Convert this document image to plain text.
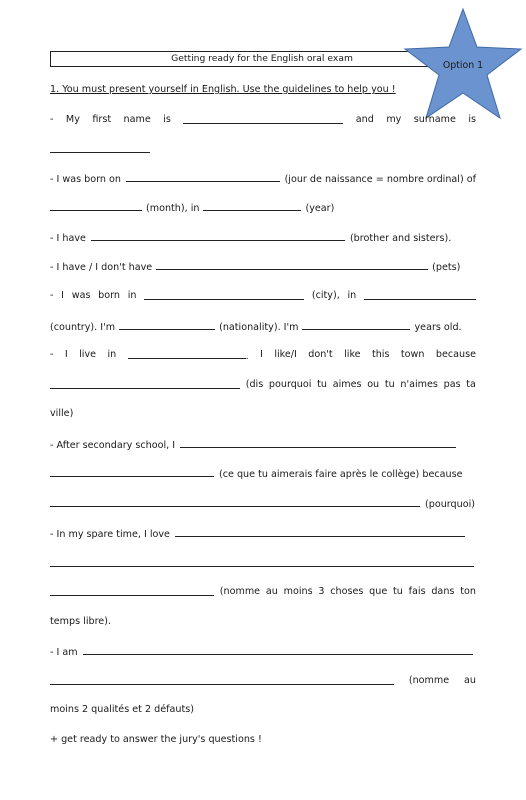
Getting ready for the English oral exam
Option 1
1. You must present yourself in English. Use the guidelines to help you !
- My first name is	and my surname is
- I was born on	(jour de naissance = nombre ordinal) of
(month), in	(year)
- I have	(brother and sisters).
- I have / I don't have	(pets)
- I was born in	(city), in
(country). I'm	(nationality). I'm	years old.
- I live in	. I like/I don't like this town because
(dis pourquoi tu aimes ou tu n'aimes pas ta
ville)
- After secondary school, I
(ce que tu aimerais faire après le collège) because
(pourquoi)
- In my spare time, I love
(nomme au moins 3 choses que tu fais dans ton
temps libre).
- I am
(nomme au
moins 2 qualités et 2 défauts)
+ get ready to answer the jury's questions !
